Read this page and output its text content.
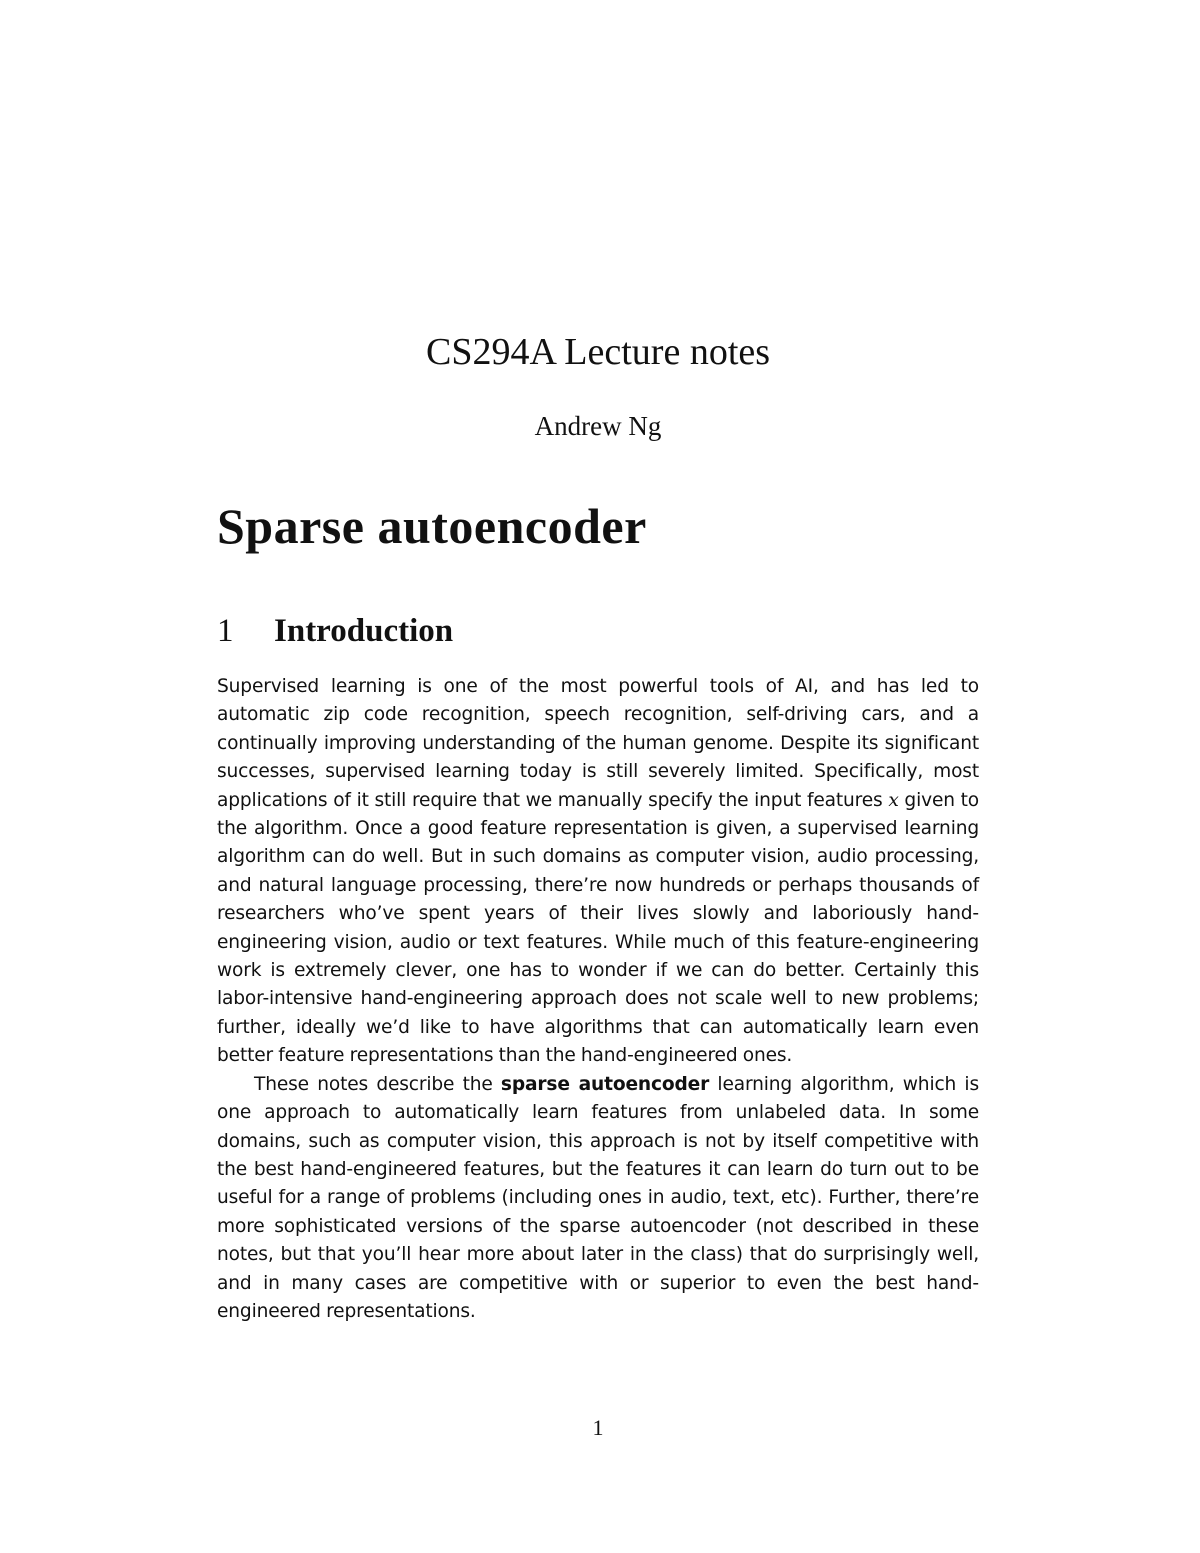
CS294A Lecture notes
Andrew Ng
Sparse autoencoder
1	Introduction

Supervised learning is one of the most powerful tools of AI, and has led to automatic zip code recognition, speech recognition, self-driving cars, and a continually improving understanding of the human genome. Despite its significant successes, supervised learning today is still severely limited. Specifically, most applications of it still require that we manually specify the input features x given to the algorithm. Once a good feature representation is given, a supervised learning algorithm can do well. But in such domains as computer vision, audio processing, and natural language processing, there’re now hundreds or perhaps thousands of researchers who’ve spent years of their lives slowly and laboriously hand-engineering vision, audio or text features. While much of this feature-engineering work is extremely clever, one has to wonder if we can do better. Certainly this labor-intensive hand-engineering approach does not scale well to new problems; further, ideally we’d like to have algorithms that can automatically learn even better feature representations than the hand-engineered ones.

These notes describe the sparse autoencoder learning algorithm, which is one approach to automatically learn features from unlabeled data. In some domains, such as computer vision, this approach is not by itself competitive with the best hand-engineered features, but the features it can learn do turn out to be useful for a range of problems (including ones in audio, text, etc). Further, there’re more sophisticated versions of the sparse autoencoder (not described in these notes, but that you’ll hear more about later in the class) that do surprisingly well, and in many cases are competitive with or superior to even the best hand-engineered representations.

1
